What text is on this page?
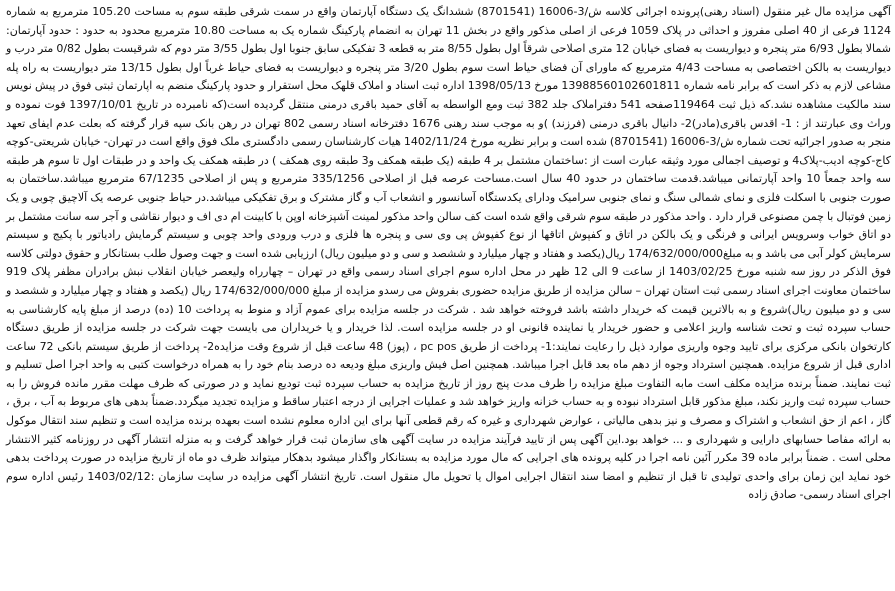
آگهی مزایده مال غیر منقول (اسناد رهنی)پرونده اجرائی کلاسه ش/3-16006 (8701541) ششدانگ یک دستگاه آپارتمان واقع در سمت شرقی طبقه سوم به مساحت 105.20 مترمربع به شماره 1124 فرعی از 40 اصلی مفروز و احداثی در پلاک 1059 فرعی از اصلی مذکور واقع در بخش 11 تهران به انضمام پارکینگ شماره یک به مساحت 10.80 مترمربع محدود به حدود : حدود آپارتمان: شمالا بطول 6/93 متر پنجره و دیواریست به فضای خیابان 12 متری اصلاحی شرقاً اول بطول 8/55 متر به قطعه 3 تفکیکی سابق جنوبا اول بطول 3/55 متر دوم که شرقیست بطول 0/82 متر درب و دیواریست به بالکن اختصاصی به مساحت 4/43 مترمربع که ماورای آن فضای حیاط است سوم بطول 3/20 متر پنجره و دیواریست به فضای حیاط غرباً اول بطول 13/15 متر دیواریست به راه پله مشاعی لازم به ذکر است که برابر نامه شماره 13988560102601811 مورخ 1398/05/13 اداره ثبت اسناد و املاک قلهک محل استقرار و حدود پارکینگ منضم به اپارتمان ثبتی فوق در پیش نویس سند مالکیت مشاهده نشد.که ذیل ثبت 119464صفحه 541 دفتراملاک جلد 382 ثبت ومع الواسطه به آقای حمید باقری درمنی منتقل گردیده است(که نامبرده در تاریخ 1397/10/01 فوت نموده و وراث وی عبارتند از : 1- اقدس باقری(مادر)2- دانیال باقری درمنی (فرزند) )و به موجب سند رهنی 1676 دفترخانه اسناد رسمی 802 تهران در رهن بانک سپه قرار گرفته که بعلت عدم ایفای تعهد منجر به صدور اجرائیه تحت شماره ش/3-16006 (8701541) شده است و برابر نظریه مورخ 1402/11/24 هیات کارشناسان رسمی دادگستری ملک فوق واقع است در تهران- خیابان شریعتی-کوچه کاج-کوچه ادیب-پلاک4 و توصیف اجمالی مورد وثیقه عبارت است از :ساختمان مشتمل بر 4 طبقه (یک طبقه همکف و3 طبقه روی همکف ) در طبقه همکف یک واحد و در طبقات اول تا سوم هر طبقه سه واحد جمعاً 10 واحد آپارتمانی میباشد.قدمت ساختمان در حدود 40 سال است.مساحت عرصه قبل از اصلاحی 335/1256 مترمربع و پس از اصلاحی 67/1235 مترمربع میباشد.ساختمان به صورت جنوبی با اسکلت فلزی و نمای شمالی سنگ و نمای جنوبی سرامیک ودارای یکدستگاه آسانسور و انشعاب آب و گاز مشترک و برق تفکیکی میباشد.در حیاط جنوبی عرصه یک آلاچیق چوبی و یک زمین فوتبال با چمن مصنوعی قرار دارد . واحد مذکور در طبقه سوم شرقی واقع شده است کف سالن واحد مذکور لمینت آشپزخانه اوپن با کابینت ام دی اف و دیوار نقاشی و آجر سه سانت مشتمل بر دو اتاق خواب وسرویس ایرانی و فرنگی و یک بالکن در اتاق و کفپوش اتاقها از نوع کفپوش پی وی سی و پنجره ها فلزی و درب ورودی واحد چوبی و سیستم گرمایش رادیاتور با پکیج و سیستم سرمایش کولر آبی می باشد و به مبلغ174/632/000/000 ریال(یکصد و هفتاد و چهار میلیارد و ششصد و سی و دو میلیون ریال) ارزیابی شده است و جهت وصول طلب بستانکار و حقوق دولتی کلاسه فوق الذکر در روز سه شنبه مورخ 1403/02/25 از ساعت 9 الی 12 ظهر در محل اداره سوم اجرای اسناد رسمی واقع در تهران – چهارراه ولیعصر خیابان انقلاب نبش برادران مظفر پلاک 919 ساختمان معاونت اجرای اسناد رسمی ثبت استان تهران – سالن مزایده از طریق مزایده حضوری بفروش می رسدو مزایده از مبلغ 174/632/000/000 ریال (یکصد و هفتاد و چهار میلیارد و ششصد و سی و دو میلیون ریال)شروع و به بالاترین قیمت که خریدار داشته باشد فروخته خواهد شد . شرکت در جلسه مزایده برای عموم آزاد و منوط به پرداخت 10 (ده) درصد از مبلغ پایه کارشناسی به حساب سپرده ثبت و تحت شناسه واریز اعلامی و حضور خریدار یا نماینده قانونی او در جلسه مزایده است. لذا خریدار و یا خریداران می بایست جهت شرکت در جلسه مزایده از طریق دستگاه کارتخوان بانکی مرکزی برای تایید وجوه واریزی موارد ذیل را رعایت نمایند:1- پرداخت از طریق pc pos ، (پوز) 48 ساعت قبل از شروع وقت مزایده2- پرداخت از طریق سیستم بانکی 72 ساعت اداری قبل از شروع مزایده. همچنین استرداد وجوه از دهم ماه بعد قابل اجرا میباشد. همچنین اصل فیش واریزی مبلغ ودیعه ده درصد بنام خود را به همراه درخواست کتبی به واحد اجرا اصل تسلیم و ثبت نمایند. ضمناً برنده مزایده مکلف است مابه التفاوت مبلغ مزایده را ظرف مدت پنج روز از تاریخ مزایده به حساب سپرده ثبت تودیع نماید و در صورتی که ظرف مهلت مقرر مانده فروش را به حساب سپرده ثبت واریز نکند، مبلغ مذکور قابل استرداد نبوده و به حساب خزانه واریز خواهد شد و عملیات اجرایی از درجه اعتبار ساقط و مزایده تجدید میگردد.ضمناً بدهی های مربوط به آب ، برق ، گاز ، اعم از حق انشعاب و اشتراک و مصرف و نیز بدهی مالیاتی ، عوارض شهرداری و غیره که رقم قطعی آنها برای این اداره معلوم نشده است بعهده برنده مزایده است و تنظیم سند انتقال موکول به ارائه مفاصا حسابهای دارایی و شهرداری و ... خواهد بود.این آگهی پس از تایید فرآیند مزایده در سایت آگهی های سازمان ثبت قرار خواهد گرفت و به منزله انتشار آگهی در روزنامه کثیر الانتشار محلی است . ضمناً برابر ماده 39 مکرر آئین نامه اجرا در کلیه پرونده های اجرایی که مال مورد مزایده به بستانکار واگذار میشود بدهکار میتواند ظرف دو ماه از تاریخ مزایده در صورت پرداخت بدهی خود نماید این زمان برای واحدی تولیدی تا قبل از تنظیم و امضا سند انتقال اجرایی اموال یا تحویل مال منقول است. تاریخ انتشار آگهی مزایده در سایت سازمان :1403/02/12 رئیس اداره سوم اجرای اسناد رسمی- صادق زاده
